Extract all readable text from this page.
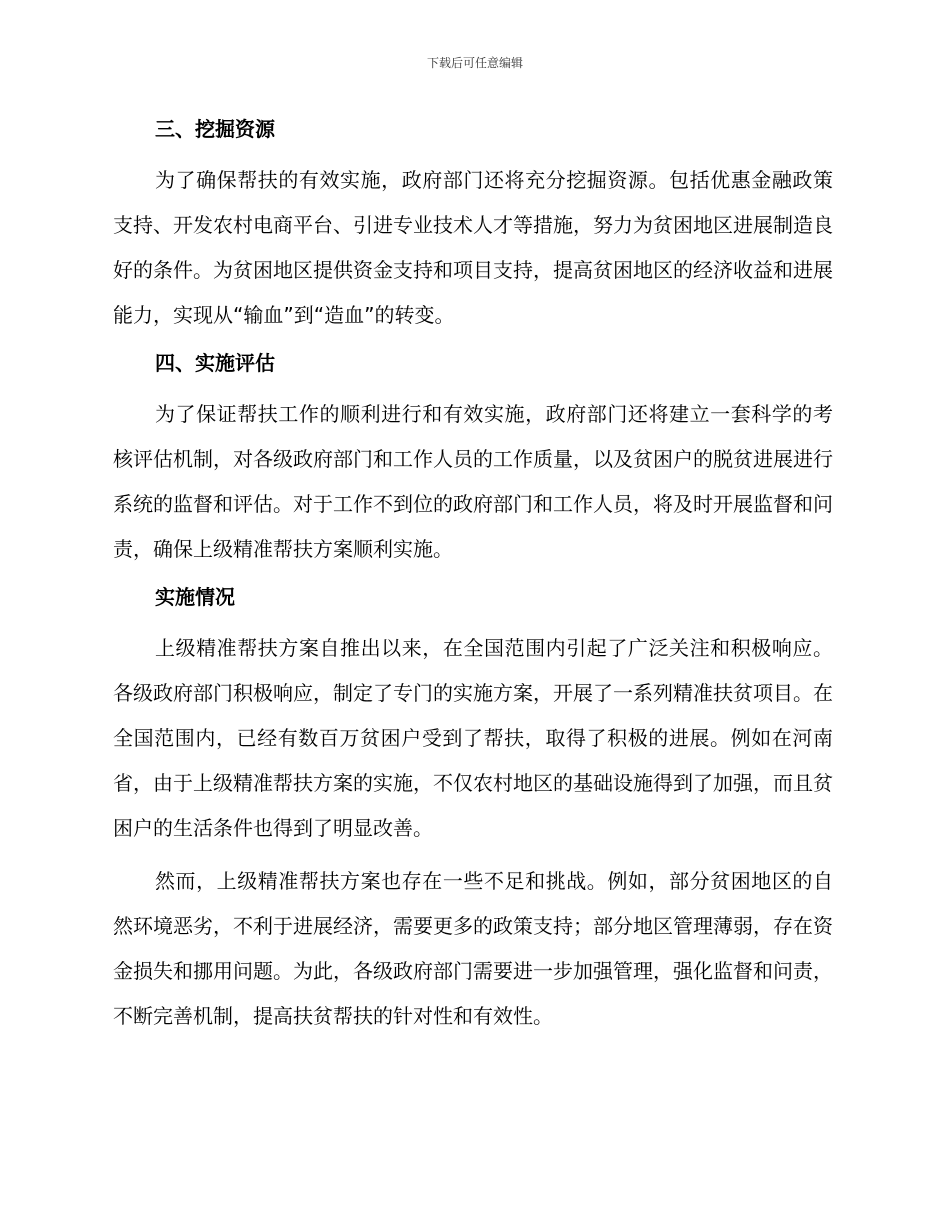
下载后可任意编辑
三、挖掘资源

为了确保帮扶的有效实施，政府部门还将充分挖掘资源。包括优惠金融政策支持、开发农村电商平台、引进专业技术人才等措施，努力为贫困地区进展制造良好的条件。为贫困地区提供资金支持和项目支持，提高贫困地区的经济收益和进展能力，实现从“输血”到“造血”的转变。

四、实施评估

为了保证帮扶工作的顺利进行和有效实施，政府部门还将建立一套科学的考核评估机制，对各级政府部门和工作人员的工作质量，以及贫困户的脱贫进展进行系统的监督和评估。对于工作不到位的政府部门和工作人员，将及时开展监督和问责，确保上级精准帮扶方案顺利实施。

实施情况

上级精准帮扶方案自推出以来，在全国范围内引起了广泛关注和积极响应。各级政府部门积极响应，制定了专门的实施方案，开展了一系列精准扶贫项目。在全国范围内，已经有数百万贫困户受到了帮扶，取得了积极的进展。例如在河南省，由于上级精准帮扶方案的实施，不仅农村地区的基础设施得到了加强，而且贫困户的生活条件也得到了明显改善。

然而，上级精准帮扶方案也存在一些不足和挑战。例如，部分贫困地区的自然环境恶劣，不利于进展经济，需要更多的政策支持；部分地区管理薄弱，存在资金损失和挪用问题。为此，各级政府部门需要进一步加强管理，强化监督和问责，不断完善机制，提高扶贫帮扶的针对性和有效性。
